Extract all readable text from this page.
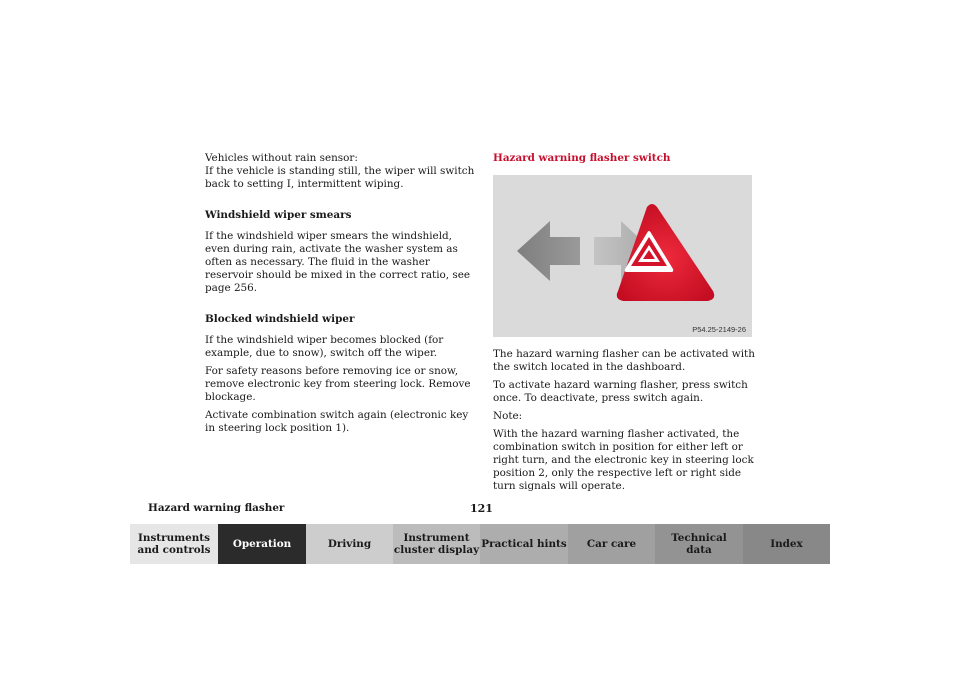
Vehicles without rain sensor:

If the vehicle is standing still, the wiper will switch back to setting I, intermittent wiping.

Windshield wiper smears

If the windshield wiper smears the windshield, even during rain, activate the washer system as often as necessary. The fluid in the washer reservoir should be mixed in the correct ratio, see page 256.

Blocked windshield wiper

If the windshield wiper becomes blocked (for example, due to snow), switch off the wiper.

For safety reasons before removing ice or snow, remove electronic key from steering lock. Remove blockage.

Activate combination switch again (electronic key in steering lock position 1).

Hazard warning flasher switch

P54.25-2149-26

The hazard warning flasher can be activated with the switch located in the dashboard.

To activate hazard warning flasher, press switch once. To deactivate, press switch again.

Note:

With the hazard warning flasher activated, the combination switch in position for either left or right turn, and the electronic key in steering lock position 2, only the respective left or right side turn signals will operate.

Hazard warning flasher	121
Instruments
and controls Operation	Driving	Instrument
cluster display Practical hints Car care	Technical
data	Index
